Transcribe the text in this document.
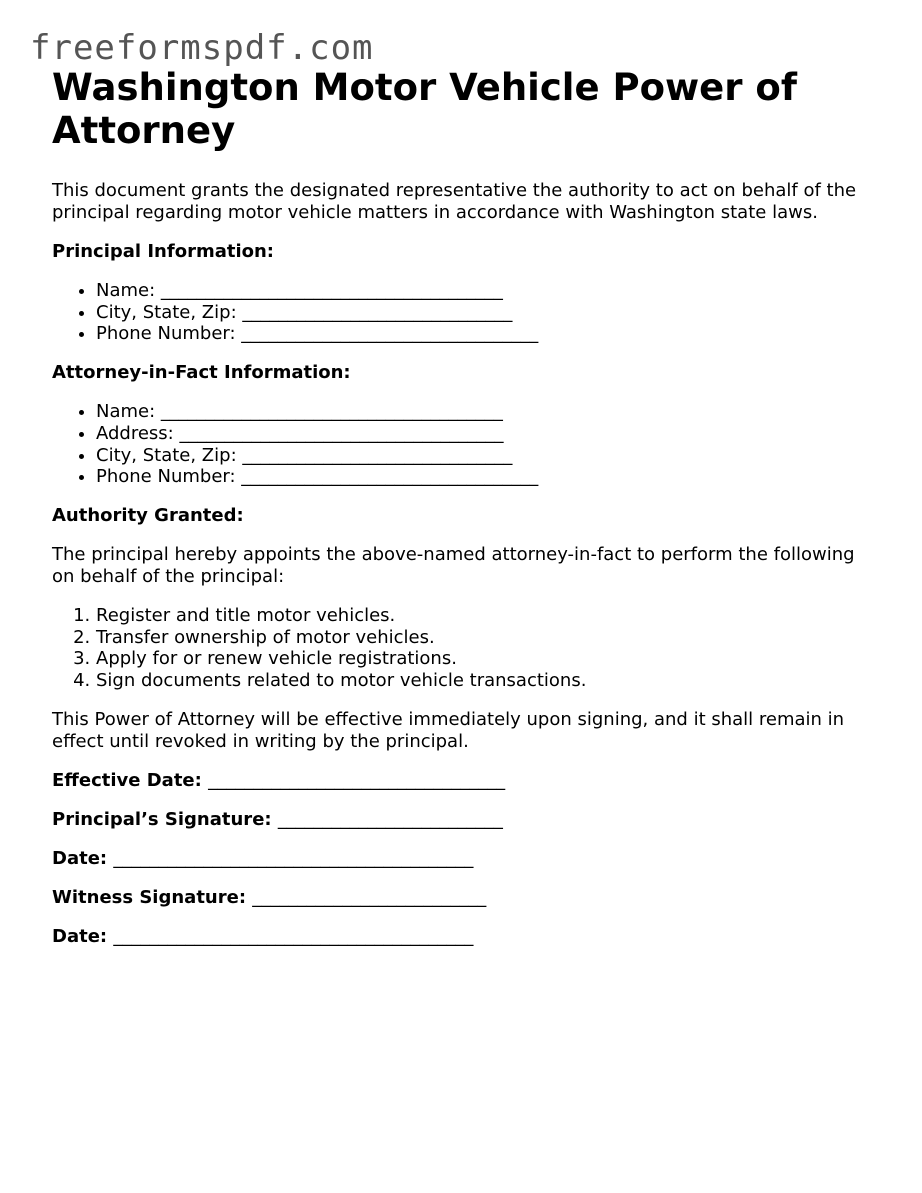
freeformspdf.com
Washington Motor Vehicle Power of Attorney

This document grants the designated representative the authority to act on behalf of the principal regarding motor vehicle matters in accordance with Washington state laws.

Principal Information:
• Name: ______________________________________
• City, State, Zip: ______________________________
• Phone Number: _________________________________
Attorney-in-Fact Information:
• Name: ______________________________________
• Address: ____________________________________
• City, State, Zip: ______________________________
• Phone Number: _________________________________
Authority Granted:

The principal hereby appoints the above-named attorney-in-fact to perform the following on behalf of the principal:

1. Register and title motor vehicles.
2. Transfer ownership of motor vehicles.
3. Apply for or renew vehicle registrations.
4. Sign documents related to motor vehicle transactions.

This Power of Attorney will be effective immediately upon signing, and it shall remain in effect until revoked in writing by the principal.

Effective Date: _________________________________
Principal’s Signature: _________________________
Date: ________________________________________
Witness Signature: __________________________
Date: ________________________________________
